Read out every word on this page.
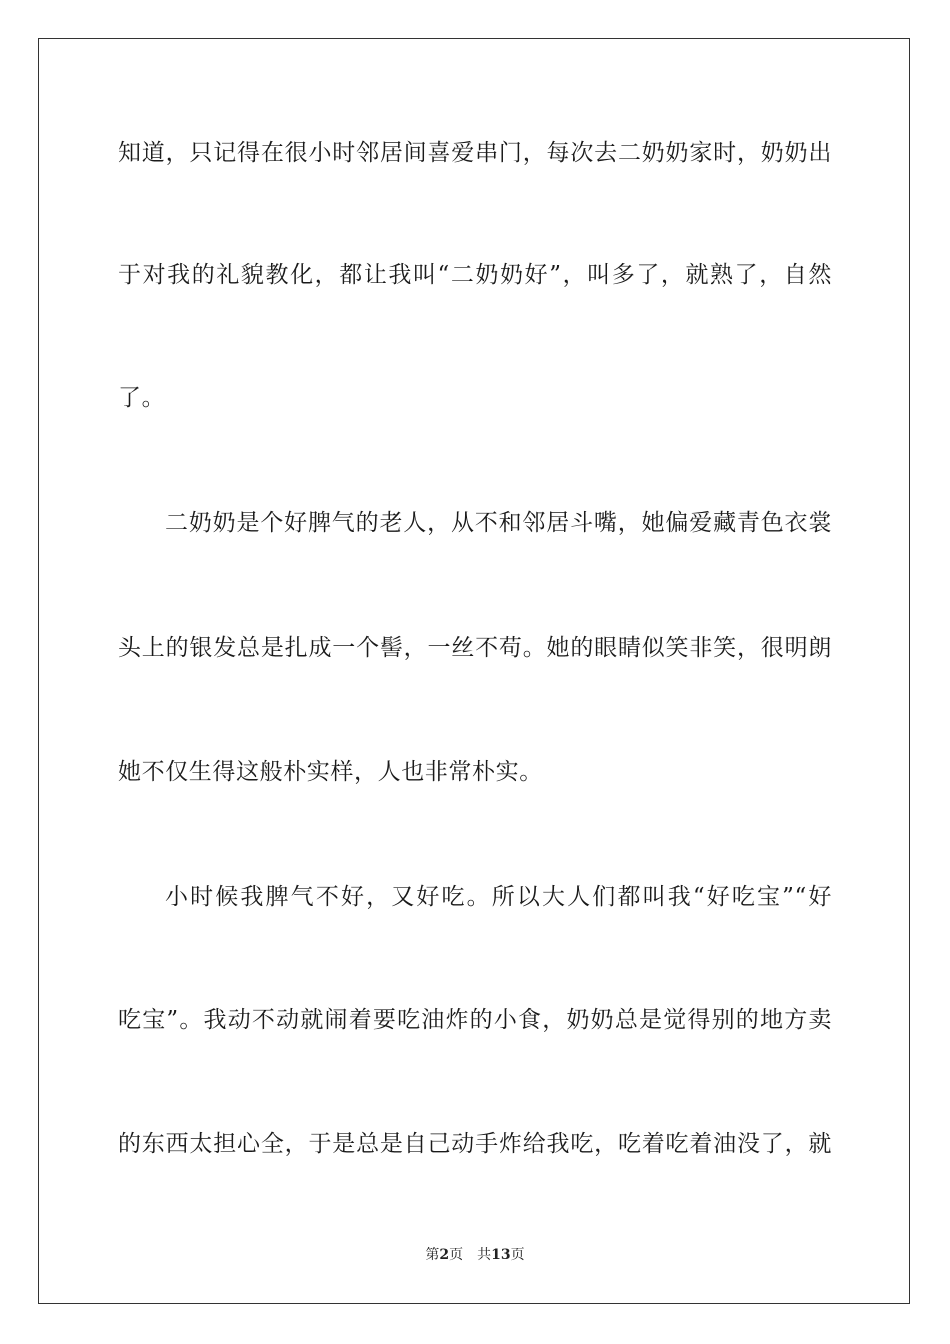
知道，只记得在很小时邻居间喜爱串门，每次去二奶奶家时，奶奶出
于对我的礼貌教化，都让我叫“二奶奶好”，叫多了，就熟了，自然
了。
二奶奶是个好脾气的老人，从不和邻居斗嘴，她偏爱藏青色衣裳
头上的银发总是扎成一个髻，一丝不苟。她的眼睛似笑非笑，很明朗
她不仅生得这般朴实样，人也非常朴实。
小时候我脾气不好，又好吃。所以大人们都叫我“好吃宝”“好
吃宝”。我动不动就闹着要吃油炸的小食，奶奶总是觉得别的地方卖
的东西太担心全，于是总是自己动手炸给我吃，吃着吃着油没了，就
第2页 共13页
